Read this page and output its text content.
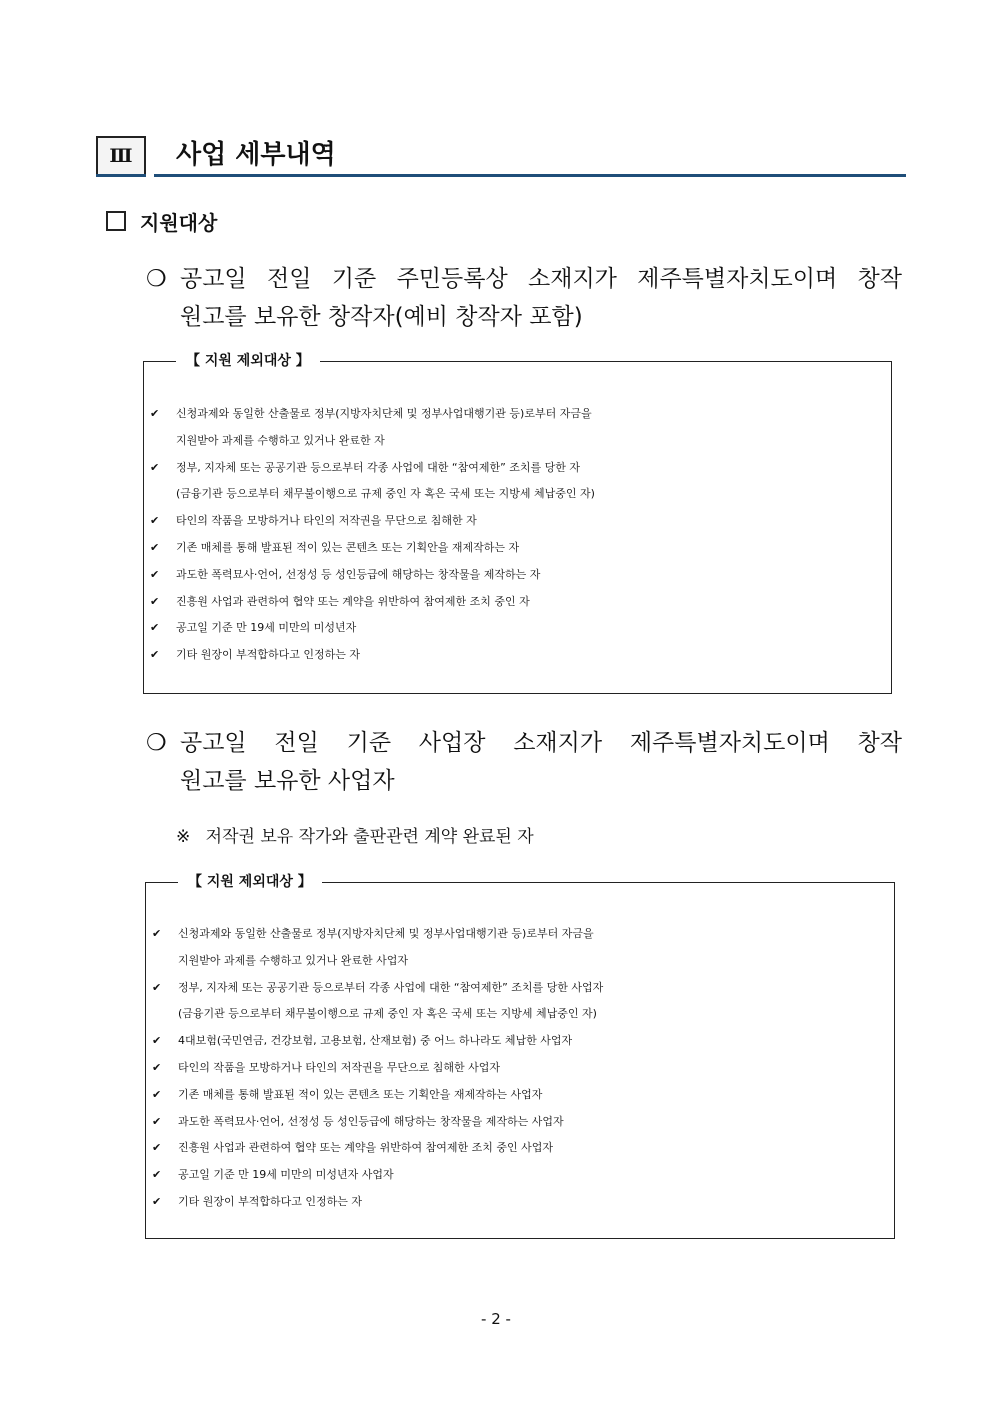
Ⅲ 사업 세부내역
지원대상
❍ 공고일 전일 기준 주민등록상 소재지가 제주특별자치도이며 창작
원고를 보유한 창작자(예비 창작자 포함)
【 지원 제외대상 】
✔ 신청과제와 동일한 산출물로 정부(지방자치단체 및 정부사업대행기관 등)로부터 자금을
지원받아 과제를 수행하고 있거나 완료한 자
✔ 정부, 지자체 또는 공공기관 등으로부터 각종 사업에 대한 “참여제한” 조치를 당한 자
(금융기관 등으로부터 채무불이행으로 규제 중인 자 혹은 국세 또는 지방세 체납중인 자)
✔ 타인의 작품을 모방하거나 타인의 저작권을 무단으로 침해한 자
✔ 기존 매체를 통해 발표된 적이 있는 콘텐츠 또는 기획안을 재제작하는 자
✔ 과도한 폭력묘사·언어, 선정성 등 성인등급에 해당하는 창작물을 제작하는 자
✔ 진흥원 사업과 관련하여 협약 또는 계약을 위반하여 참여제한 조치 중인 자
✔ 공고일 기준 만 19세 미만의 미성년자
✔ 기타 원장이 부적합하다고 인정하는 자
❍ 공고일 전일 기준 사업장 소재지가 제주특별자치도이며 창작
원고를 보유한 사업자
※ 저작권 보유 작가와 출판관련 계약 완료된 자
【 지원 제외대상 】
✔ 신청과제와 동일한 산출물로 정부(지방자치단체 및 정부사업대행기관 등)로부터 자금을
지원받아 과제를 수행하고 있거나 완료한 사업자
✔ 정부, 지자체 또는 공공기관 등으로부터 각종 사업에 대한 “참여제한” 조치를 당한 사업자
(금융기관 등으로부터 채무불이행으로 규제 중인 자 혹은 국세 또는 지방세 체납중인 자)
✔ 4대보험(국민연금, 건강보험, 고용보험, 산재보험) 중 어느 하나라도 체납한 사업자
✔ 타인의 작품을 모방하거나 타인의 저작권을 무단으로 침해한 사업자
✔ 기존 매체를 통해 발표된 적이 있는 콘텐츠 또는 기획안을 재제작하는 사업자
✔ 과도한 폭력묘사·언어, 선정성 등 성인등급에 해당하는 창작물을 제작하는 사업자
✔ 진흥원 사업과 관련하여 협약 또는 계약을 위반하여 참여제한 조치 중인 사업자
✔ 공고일 기준 만 19세 미만의 미성년자 사업자
✔ 기타 원장이 부적합하다고 인정하는 자
- 2 -
